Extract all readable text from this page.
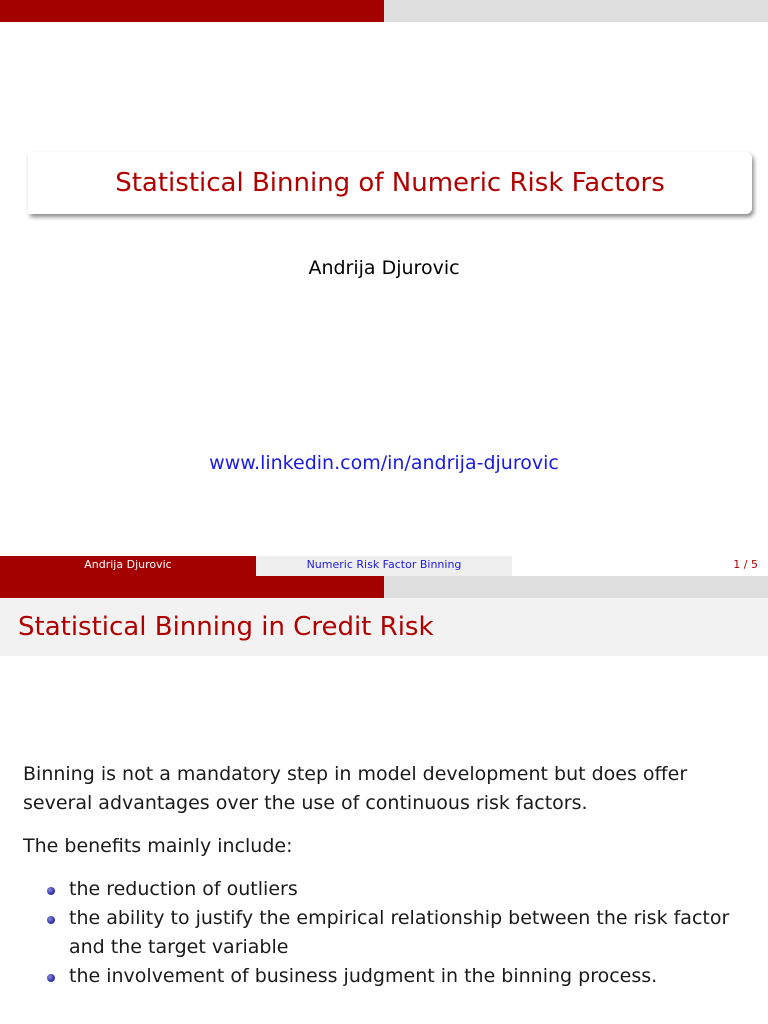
Statistical Binning of Numeric Risk Factors
Andrija Djurovic
www.linkedin.com/in/andrija-djurovic
Andrija Djurovic	Numeric Risk Factor Binning	1 / 5
Statistical Binning in Credit Risk
Binning is not a mandatory step in model development but does offer several advantages over the use of continuous risk factors.
The benefits mainly include:
the reduction of outliers
the ability to justify the empirical relationship between the risk factor and the target variable
the involvement of business judgment in the binning process.
